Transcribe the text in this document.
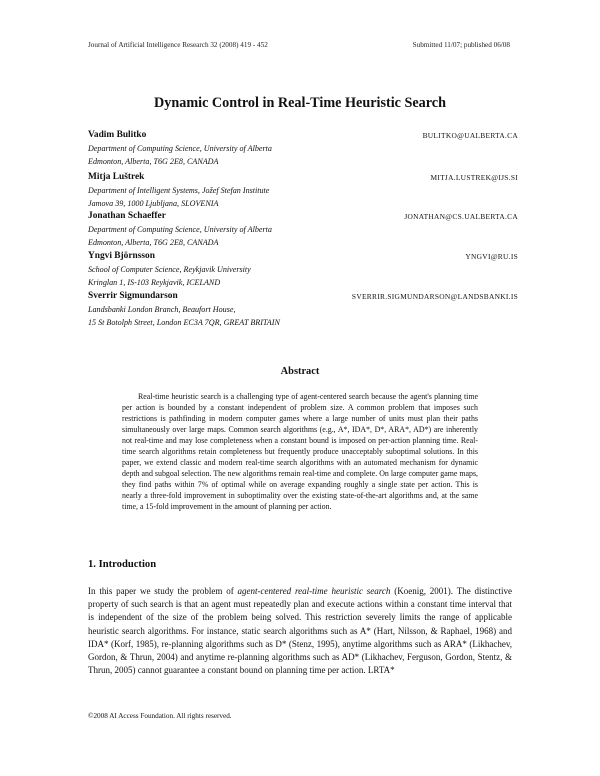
Journal of Artificial Intelligence Research 32 (2008) 419 - 452	Submitted 11/07; published 06/08
Dynamic Control in Real-Time Heuristic Search
Vadim Bulitko	BULITKO@UALBERTA.CA
Department of Computing Science, University of Alberta
Edmonton, Alberta, T6G 2E8, CANADA
Mitja Luštrek	MITJA.LUSTREK@IJS.SI
Department of Intelligent Systems, Jožef Stefan Institute
Jamova 39, 1000 Ljubljana, SLOVENIA
Jonathan Schaeffer	JONATHAN@CS.UALBERTA.CA
Department of Computing Science, University of Alberta
Edmonton, Alberta, T6G 2E8, CANADA
Yngvi Björnsson	YNGVI@RU.IS
School of Computer Science, Reykjavik University
Kringlan 1, IS-103 Reykjavik, ICELAND
Sverrir Sigmundarson	SVERRIR.SIGMUNDARSON@LANDSBANKI.IS
Landsbanki London Branch, Beaufort House,
15 St Botolph Street, London EC3A 7QR, GREAT BRITAIN
Abstract
Real-time heuristic search is a challenging type of agent-centered search because the agent's planning time per action is bounded by a constant independent of problem size. A common problem that imposes such restrictions is pathfinding in modern computer games where a large number of units must plan their paths simultaneously over large maps. Common search algorithms (e.g., A*, IDA*, D*, ARA*, AD*) are inherently not real-time and may lose completeness when a constant bound is imposed on per-action planning time. Real-time search algorithms retain completeness but frequently produce unacceptably suboptimal solutions. In this paper, we extend classic and modern real-time search algorithms with an automated mechanism for dynamic depth and subgoal selection. The new algorithms remain real-time and complete. On large computer game maps, they find paths within 7% of optimal while on average expanding roughly a single state per action. This is nearly a three-fold improvement in suboptimality over the existing state-of-the-art algorithms and, at the same time, a 15-fold improvement in the amount of planning per action.
1. Introduction
In this paper we study the problem of agent-centered real-time heuristic search (Koenig, 2001). The distinctive property of such search is that an agent must repeatedly plan and execute actions within a constant time interval that is independent of the size of the problem being solved. This restriction severely limits the range of applicable heuristic search algorithms. For instance, static search algorithms such as A* (Hart, Nilsson, & Raphael, 1968) and IDA* (Korf, 1985), re-planning algorithms such as D* (Stenz, 1995), anytime algorithms such as ARA* (Likhachev, Gordon, & Thrun, 2004) and anytime re-planning algorithms such as AD* (Likhachev, Ferguson, Gordon, Stentz, & Thrun, 2005) cannot guarantee a constant bound on planning time per action. LRTA*
©2008 AI Access Foundation. All rights reserved.
